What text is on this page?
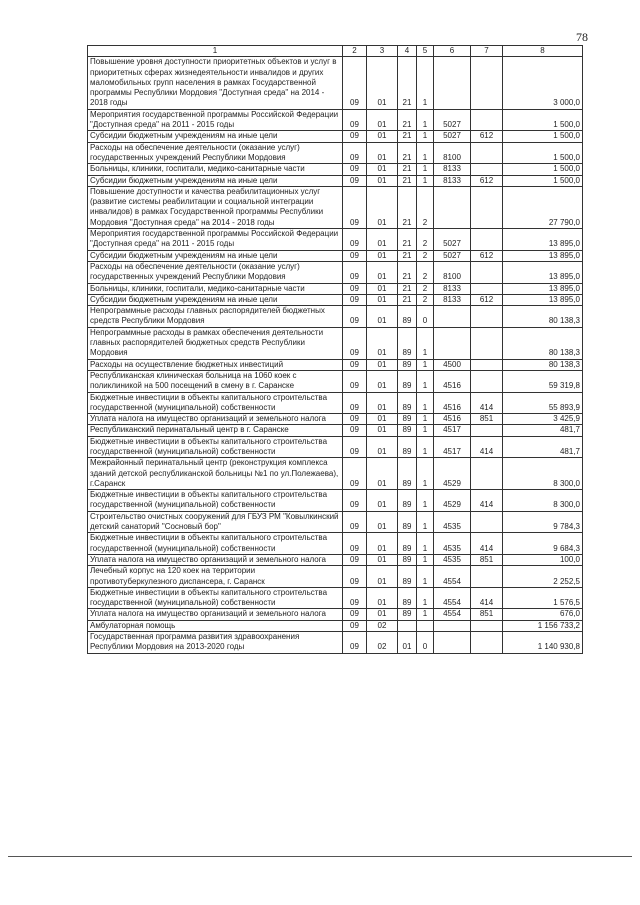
78
1	2	3	4	5	6	7	8
Повышение уровня доступности приоритетных объектов и услуг в приоритетных сферах жизнедеятельности инвалидов и других маломобильных групп населения в рамках Государственной программы Республики Мордовия "Доступная среда" на 2014 - 2018 годы	09	01	21	1			3 000,0
Мероприятия государственной программы Российской Федерации "Доступная среда" на 2011 - 2015 годы	09	01	21	1	5027		1 500,0
Субсидии бюджетным учреждениям на иные цели	09	01	21	1	5027	612	1 500,0
Расходы на обеспечение деятельности (оказание услуг) государственных учреждений Республики Мордовия	09	01	21	1	8100		1 500,0
Больницы, клиники, госпитали, медико-санитарные части	09	01	21	1	8133		1 500,0
Субсидии бюджетным учреждениям на иные цели	09	01	21	1	8133	612	1 500,0
Повышение доступности и качества реабилитационных услуг (развитие системы реабилитации и социальной интеграции инвалидов) в рамках Государственной программы Республики Мордовия "Доступная среда" на 2014 - 2018 годы	09	01	21	2			27 790,0
Мероприятия государственной программы Российской Федерации "Доступная среда" на 2011 - 2015 годы	09	01	21	2	5027		13 895,0
Субсидии бюджетным учреждениям на иные цели	09	01	21	2	5027	612	13 895,0
Расходы на обеспечение деятельности (оказание услуг) государственных учреждений Республики Мордовия	09	01	21	2	8100		13 895,0
Больницы, клиники, госпитали, медико-санитарные части	09	01	21	2	8133		13 895,0
Субсидии бюджетным учреждениям на иные цели	09	01	21	2	8133	612	13 895,0
Непрограммные расходы главных распорядителей бюджетных средств Республики Мордовия	09	01	89	0			80 138,3
Непрограммные расходы в рамках обеспечения деятельности главных распорядителей бюджетных средств Республики Мордовия	09	01	89	1			80 138,3
Расходы на осуществление бюджетных инвестиций	09	01	89	1	4500		80 138,3
Республиканская клиническая больница на 1060 коек с поликлиникой на 500 посещений в смену в г. Саранске	09	01	89	1	4516		59 319,8
Бюджетные инвестиции в объекты капитального строительства государственной (муниципальной) собственности	09	01	89	1	4516	414	55 893,9
Уплата налога на имущество организаций и земельного налога	09	01	89	1	4516	851	3 425,9
Республиканский перинатальный центр в г. Саранске	09	01	89	1	4517		481,7
Бюджетные инвестиции в объекты капитального строительства государственной (муниципальной) собственности	09	01	89	1	4517	414	481,7
Межрайонный перинатальный центр (реконструкция комплекса зданий детской республиканской больницы №1 по ул.Полежаева), г.Саранск	09	01	89	1	4529		8 300,0
Бюджетные инвестиции в объекты капитального строительства государственной (муниципальной) собственности	09	01	89	1	4529	414	8 300,0
Строительство очистных сооружений для ГБУЗ РМ "Ковылкинский детский санаторий "Сосновый бор"	09	01	89	1	4535		9 784,3
Бюджетные инвестиции в объекты капитального строительства государственной (муниципальной) собственности	09	01	89	1	4535	414	9 684,3
Уплата налога на имущество организаций и земельного налога	09	01	89	1	4535	851	100,0
Лечебный корпус на 120 коек на территории противотуберкулезного диспансера, г. Саранск	09	01	89	1	4554		2 252,5
Бюджетные инвестиции в объекты капитального строительства государственной (муниципальной) собственности	09	01	89	1	4554	414	1 576,5
Уплата налога на имущество организаций и земельного налога	09	01	89	1	4554	851	676,0
Амбулаторная помощь	09	02					1 156 733,2
Государственная программа развития здравоохранения Республики Мордовия на 2013-2020 годы	09	02	01	0			1 140 930,8
